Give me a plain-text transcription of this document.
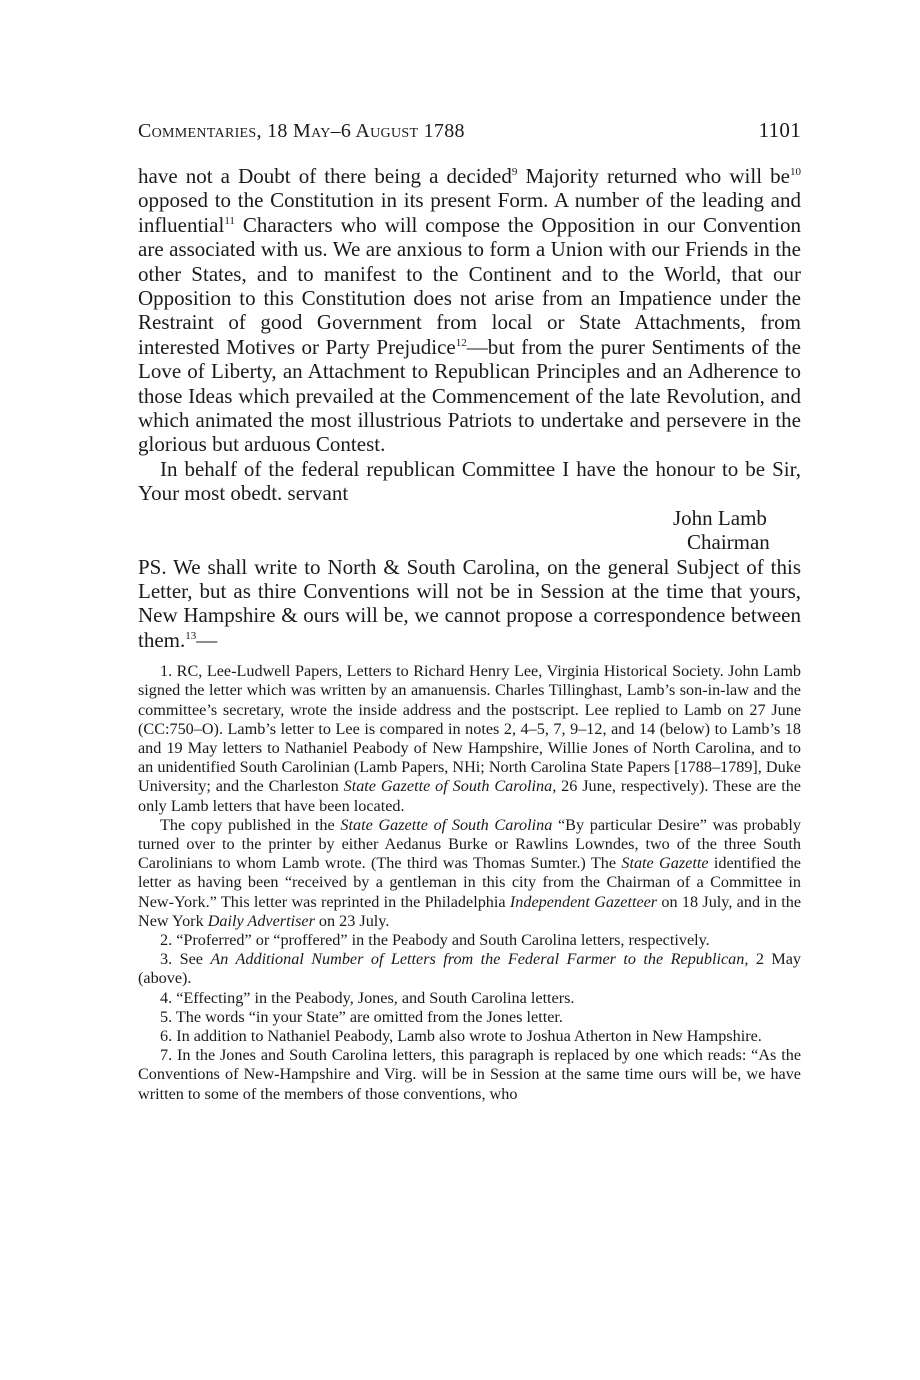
Commentaries, 18 May–6 August 1788	1101

have not a Doubt of there being a decided$^9$ Majority returned who will $be^{10}$ opposed to the Constitution in its present Form. A number of the leading and influential$^{11}$ Characters who will compose the Opposition in our Convention are associated with us. We are anxious to form a Union with our Friends in the other States, and to manifest to the Continent and to the World, that our Opposition to this Constitution does not arise from an Impatience under the Restraint of good Government from local or State Attachments, from interested Motives or Party Prejudice$^{12}$—but from the purer Sentiments of the Love of Liberty, an Attachment to Republican Principles and an Adherence to those Ideas which prevailed at the Commencement of the late Revolution, and which animated the most illustrious Patriots to undertake and persevere in the glorious but arduous Contest.

In behalf of the federal republican Committee I have the honour to be Sir, Your most obedt. servant

John Lamb
Chairman

PS. We shall write to North & South Carolina, on the general Subject of this Letter, but as thire Conventions will not be in Session at the time that yours, New Hampshire & ours will be, we cannot propose a correspondence between them.$^{13}$—

1. RC, Lee-Ludwell Papers, Letters to Richard Henry Lee, Virginia Historical Society. John Lamb signed the letter which was written by an amanuensis. Charles Tillinghast, Lamb’s son-in-law and the committee’s secretary, wrote the inside address and the postscript. Lee replied to Lamb on 27 June (CC:750–O). Lamb’s letter to Lee is compared in notes 2, 4–5, 7, 9–12, and 14 (below) to Lamb’s 18 and 19 May letters to Nathaniel Peabody of New Hampshire, Willie Jones of North Carolina, and to an unidentified South Carolinian (Lamb Papers, NHi; North Carolina State Papers [1788–1789], Duke University; and the Charleston State Gazette of South Carolina, 26 June, respectively). These are the only Lamb letters that have been located.

The copy published in the State Gazette of South Carolina “By particular Desire” was probably turned over to the printer by either Aedanus Burke or Rawlins Lowndes, two of the three South Carolinians to whom Lamb wrote. (The third was Thomas Sumter.) The State Gazette identified the letter as having been “received by a gentleman in this city from the Chairman of a Committee in New-York.” This letter was reprinted in the Philadelphia Independent Gazetteer on 18 July, and in the New York Daily Advertiser on 23 July.

2. “Proferred” or “proffered” in the Peabody and South Carolina letters, respectively.

3. See An Additional Number of Letters from the Federal Farmer to the Republican, 2 May (above).

4. “Effecting” in the Peabody, Jones, and South Carolina letters.

5. The words “in your State” are omitted from the Jones letter.

6. In addition to Nathaniel Peabody, Lamb also wrote to Joshua Atherton in New Hampshire.

7. In the Jones and South Carolina letters, this paragraph is replaced by one which reads: “As the Conventions of New-Hampshire and Virg. will be in Session at the same time ours will be, we have written to some of the members of those conventions, who
